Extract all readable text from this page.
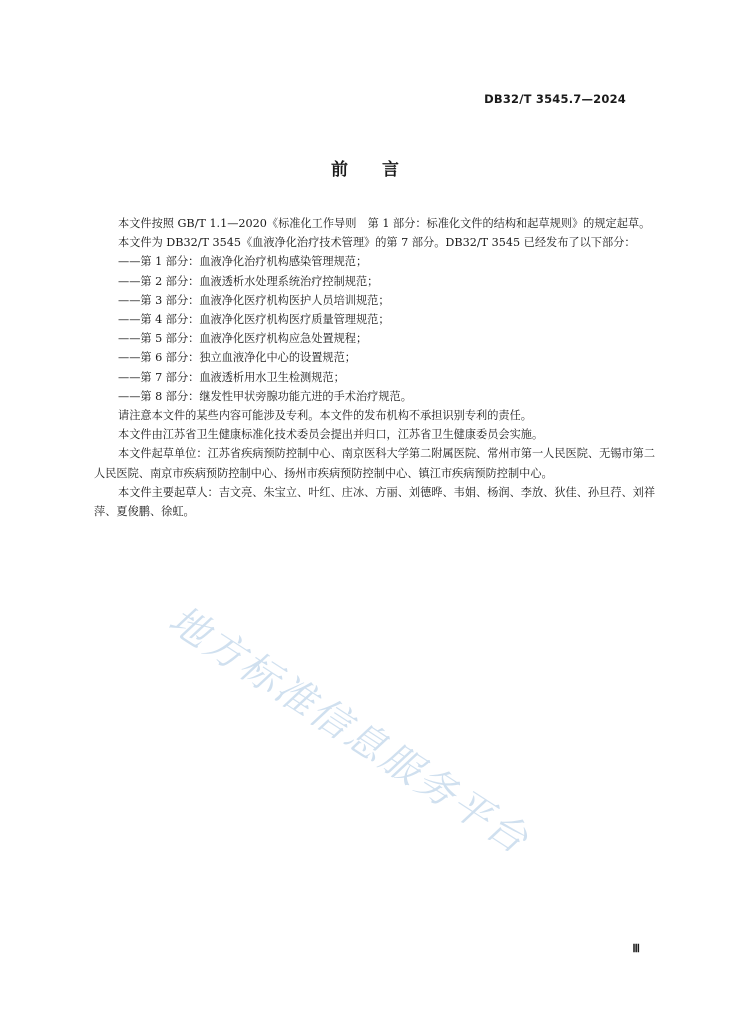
DB32/T 3545.7—2024
前言

本文件按照 GB/T 1.1—2020《标准化工作导则　第 1 部分：标准化文件的结构和起草规则》的规定起草。

本文件为 DB32/T 3545《血液净化治疗技术管理》的第 7 部分。DB32/T 3545 已经发布了以下部分：

——第 1 部分：血液净化治疗机构感染管理规范；

——第 2 部分：血液透析水处理系统治疗控制规范；

——第 3 部分：血液净化医疗机构医护人员培训规范；

——第 4 部分：血液净化医疗机构医疗质量管理规范；

——第 5 部分：血液净化医疗机构应急处置规程；

——第 6 部分：独立血液净化中心的设置规范；

——第 7 部分：血液透析用水卫生检测规范；

——第 8 部分：继发性甲状旁腺功能亢进的手术治疗规范。

请注意本文件的某些内容可能涉及专利。本文件的发布机构不承担识别专利的责任。

本文件由江苏省卫生健康标准化技术委员会提出并归口，江苏省卫生健康委员会实施。

本文件起草单位：江苏省疾病预防控制中心、南京医科大学第二附属医院、常州市第一人民医院、无锡市第二人民医院、南京市疾病预防控制中心、扬州市疾病预防控制中心、镇江市疾病预防控制中心。

本文件主要起草人：吉文亮、朱宝立、叶红、庄冰、方丽、刘德晔、韦娟、杨润、李放、狄佳、孙旦荇、刘祥萍、夏俊鹏、徐虹。

地方标准信息服务平台
Ⅲ
